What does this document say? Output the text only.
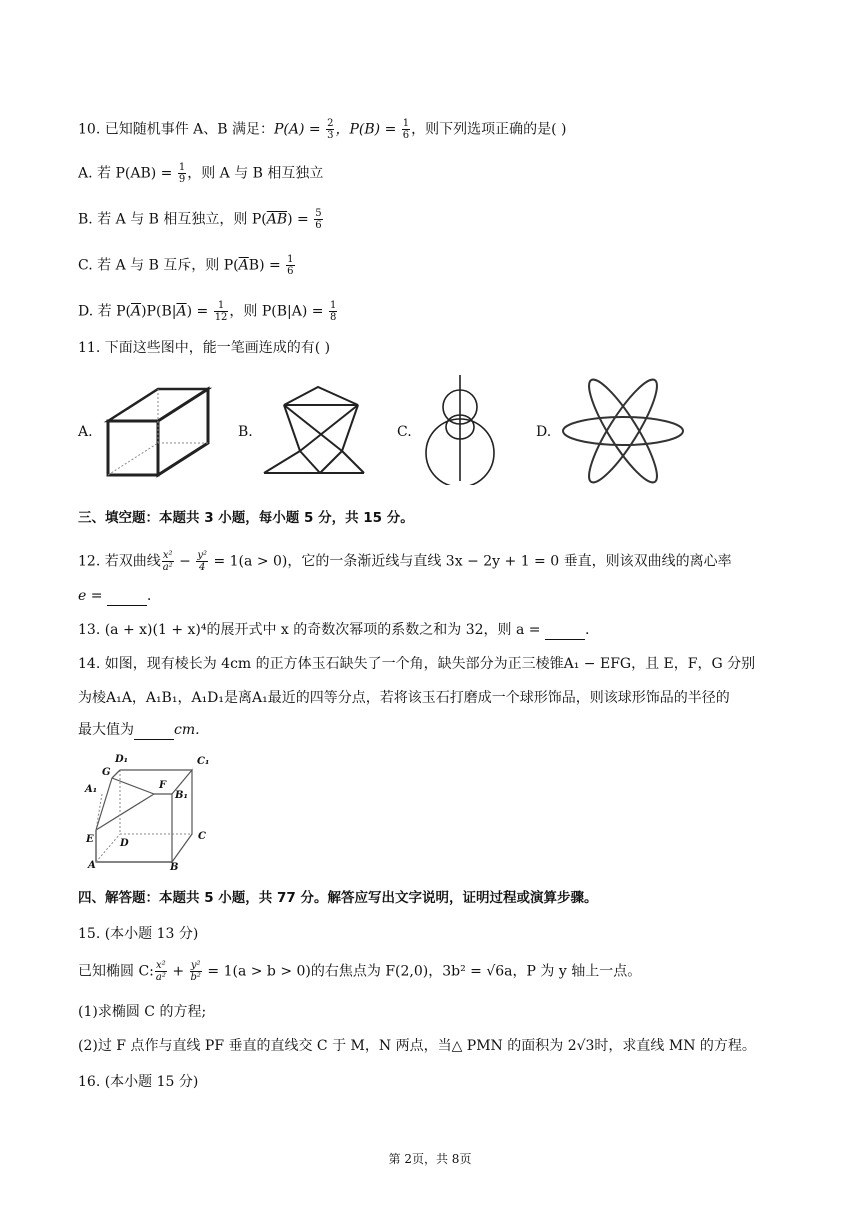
10. 已知随机事件 A、B 满足：$P(A) = \frac{2}{3}$ ，$P(B) = \frac{1}{6}$ ，则下列选项正确的是( )
A. 若 $P(AB) = \frac{1}{9}$ ，则 A 与 B 相互独立
B. 若 A 与 B 相互独立，则 $P(\overline{AB}) = \frac{5}{6}$
C. 若 A 与 B 互斥，则 $P(\overline{A}B) = \frac{1}{6}$
D. 若 $P(\overline{A})P(B|\overline{A}) = \frac{1}{12}$ ，则 $P(B|A) = \frac{1}{8}$
11. 下面这些图中，能一笔画连成的有( )
A.	B.	C.	D.
三、填空题：本题共 3 小题，每小题 5 分，共 15 分。
12. 若双曲线 $\frac{\text{x²}}{\text{a²}} - \frac{\text{y²}}{4} = 1(a > 0)$，它的一条渐近线与直线 3x − 2y + 1 = 0 垂直，则该双曲线的离心率
e =	.
13. (a + x)(1 + x)⁴的展开式中 x 的奇数次幂项的系数之和为 32，则 a =	.
14. 如图，现有棱长为 4cm 的正方体玉石缺失了一个角，缺失部分为正三棱锥A₁ − EFG，且 E，F，G 分别
为棱A₁A，A₁B₁，A₁D₁是离A₁最近的四等分点，若将该玉石打磨成一个球形饰品，则该球形饰品的半径的
最大值为	cm.
D₁	C₁
G
A₁	F
B₁
E	D
C
A	B
四、解答题：本题共 5 小题，共 77 分。解答应写出文字说明，证明过程或演算步骤。
15. (本小题 13 分)
已知椭圆 C: $\frac{\text{x²}}{\text{a²}} + \frac{\text{y²}}{\text{b²}} = 1(a > b > 0)$的右焦点为 F(2,0)，3b² = √6a，P 为 y 轴上一点。
(1)求椭圆 C 的方程;
(2)过 F 点作与直线 PF 垂直的直线交 C 于 M，N 两点，当△ PMN 的面积为 2√3时，求直线 MN 的方程。
16. (本小题 15 分)
第 2页，共 8页
